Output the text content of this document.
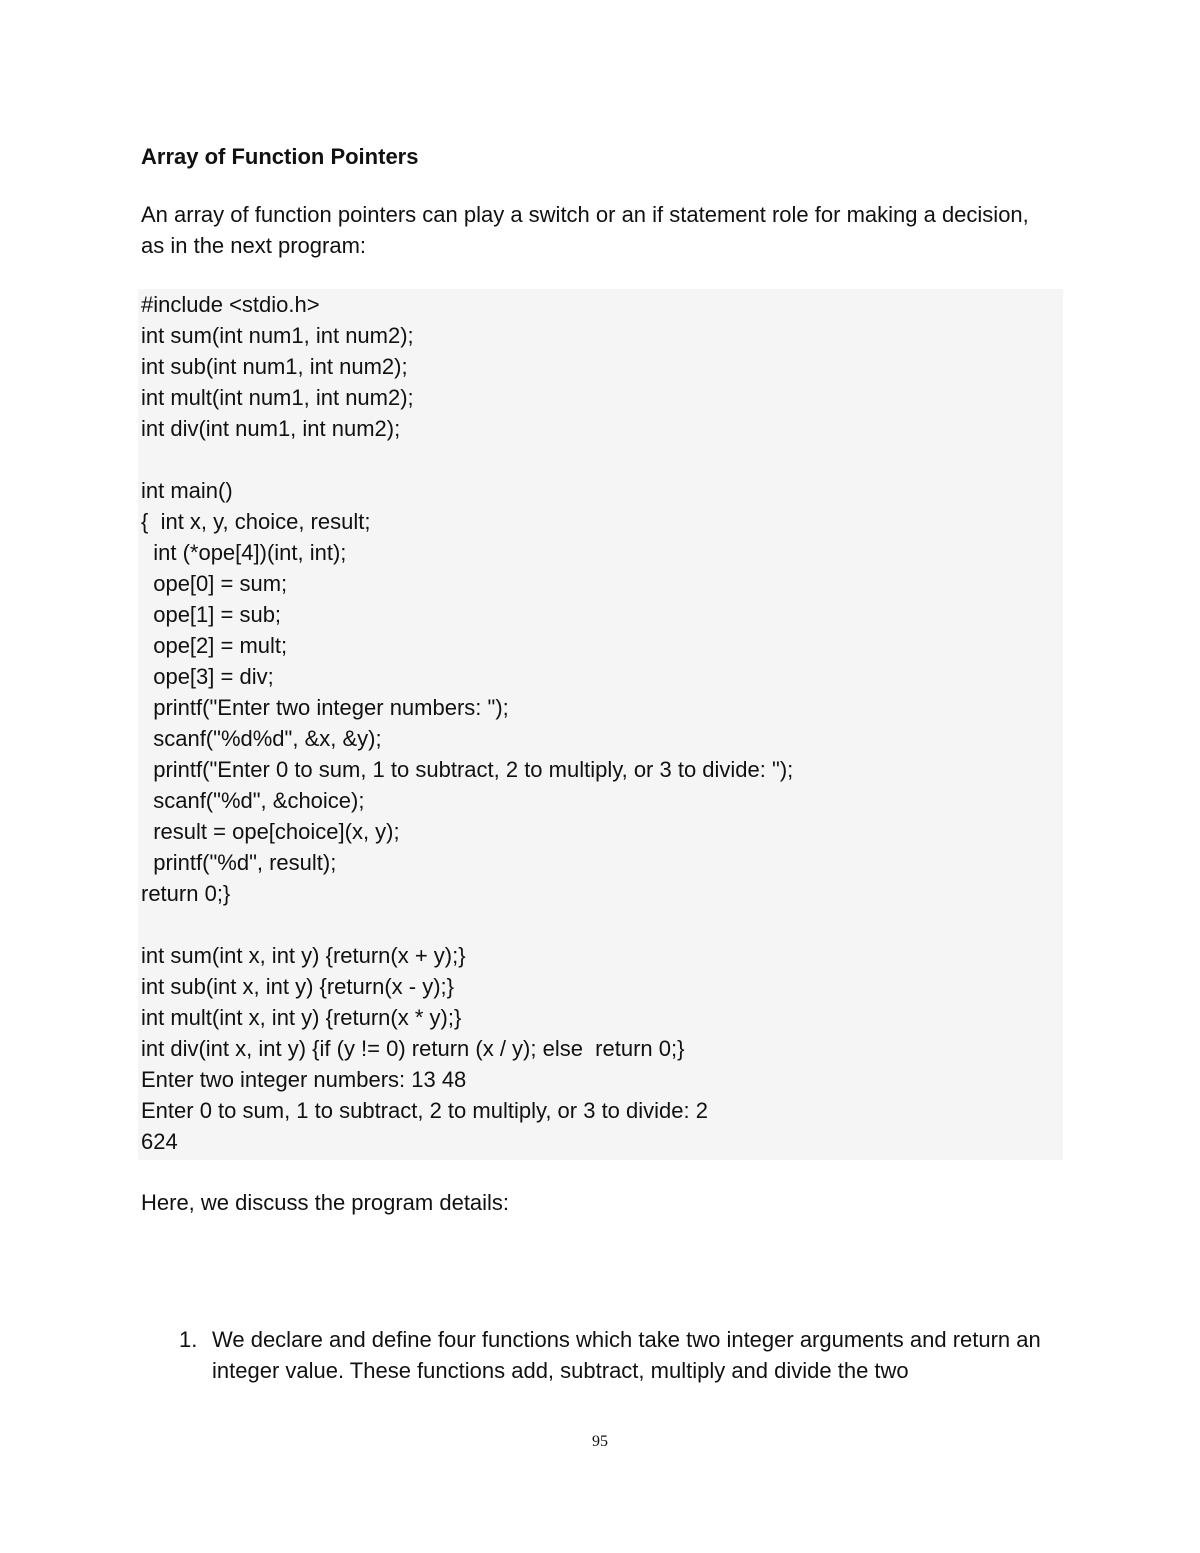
Array of Function Pointers

An array of function pointers can play a switch or an if statement role for making a decision, as in the next program:

#include <stdio.h>
int sum(int num1, int num2);
int sub(int num1, int num2);
int mult(int num1, int num2);
int div(int num1, int num2);
int main()
{  int x, y, choice, result;
int (*ope[4])(int, int);
ope[0] = sum;
ope[1] = sub;
ope[2] = mult;
ope[3] = div;
printf("Enter two integer numbers: ");
scanf("%d%d", &x, &y);
printf("Enter 0 to sum, 1 to subtract, 2 to multiply, or 3 to divide: ");
scanf("%d", &choice);
result = ope[choice](x, y);
printf("%d", result);
return 0;}
int sum(int x, int y) {return(x + y);}
int sub(int x, int y) {return(x - y);}
int mult(int x, int y) {return(x * y);}
int div(int x, int y) {if (y != 0) return (x / y); else  return 0;}
Enter two integer numbers: 13 48
Enter 0 to sum, 1 to subtract, 2 to multiply, or 3 to divide: 2
624

Here, we discuss the program details:

1. We declare and define four functions which take two integer arguments and return an integer value. These functions add, subtract, multiply and divide the two
95
